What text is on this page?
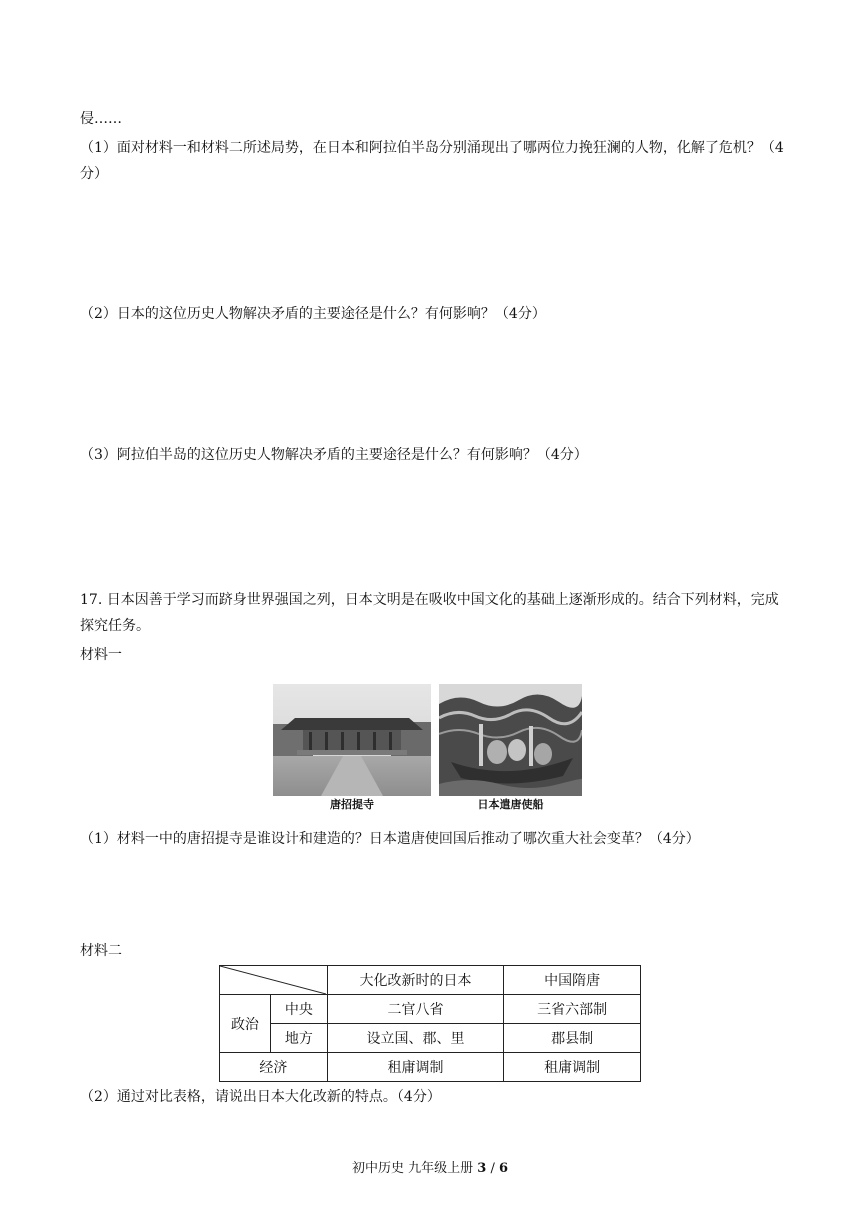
侵……
（1）面对材料一和材料二所述局势，在日本和阿拉伯半岛分别涌现出了哪两位力挽狂澜的人物，化解了危机？（4分）
（2）日本的这位历史人物解决矛盾的主要途径是什么？有何影响？（4分）
（3）阿拉伯半岛的这位历史人物解决矛盾的主要途径是什么？有何影响？（4分）
17. 日本因善于学习而跻身世界强国之列，日本文明是在吸收中国文化的基础上逐渐形成的。结合下列材料，完成探究任务。
材料一
唐招提寺	日本遣唐使船
（1）材料一中的唐招提寺是谁设计和建造的？日本遣唐使回国后推动了哪次重大社会变革？（4分）
材料二
	大化改新时的日本	中国隋唐
政治	中央	二官八省	三省六部制
	地方	设立国、郡、里	郡县制
经济		租庸调制	租庸调制
（2）通过对比表格，请说出日本大化改新的特点。（4分）
初中历史 九年级上册 3 / 6
